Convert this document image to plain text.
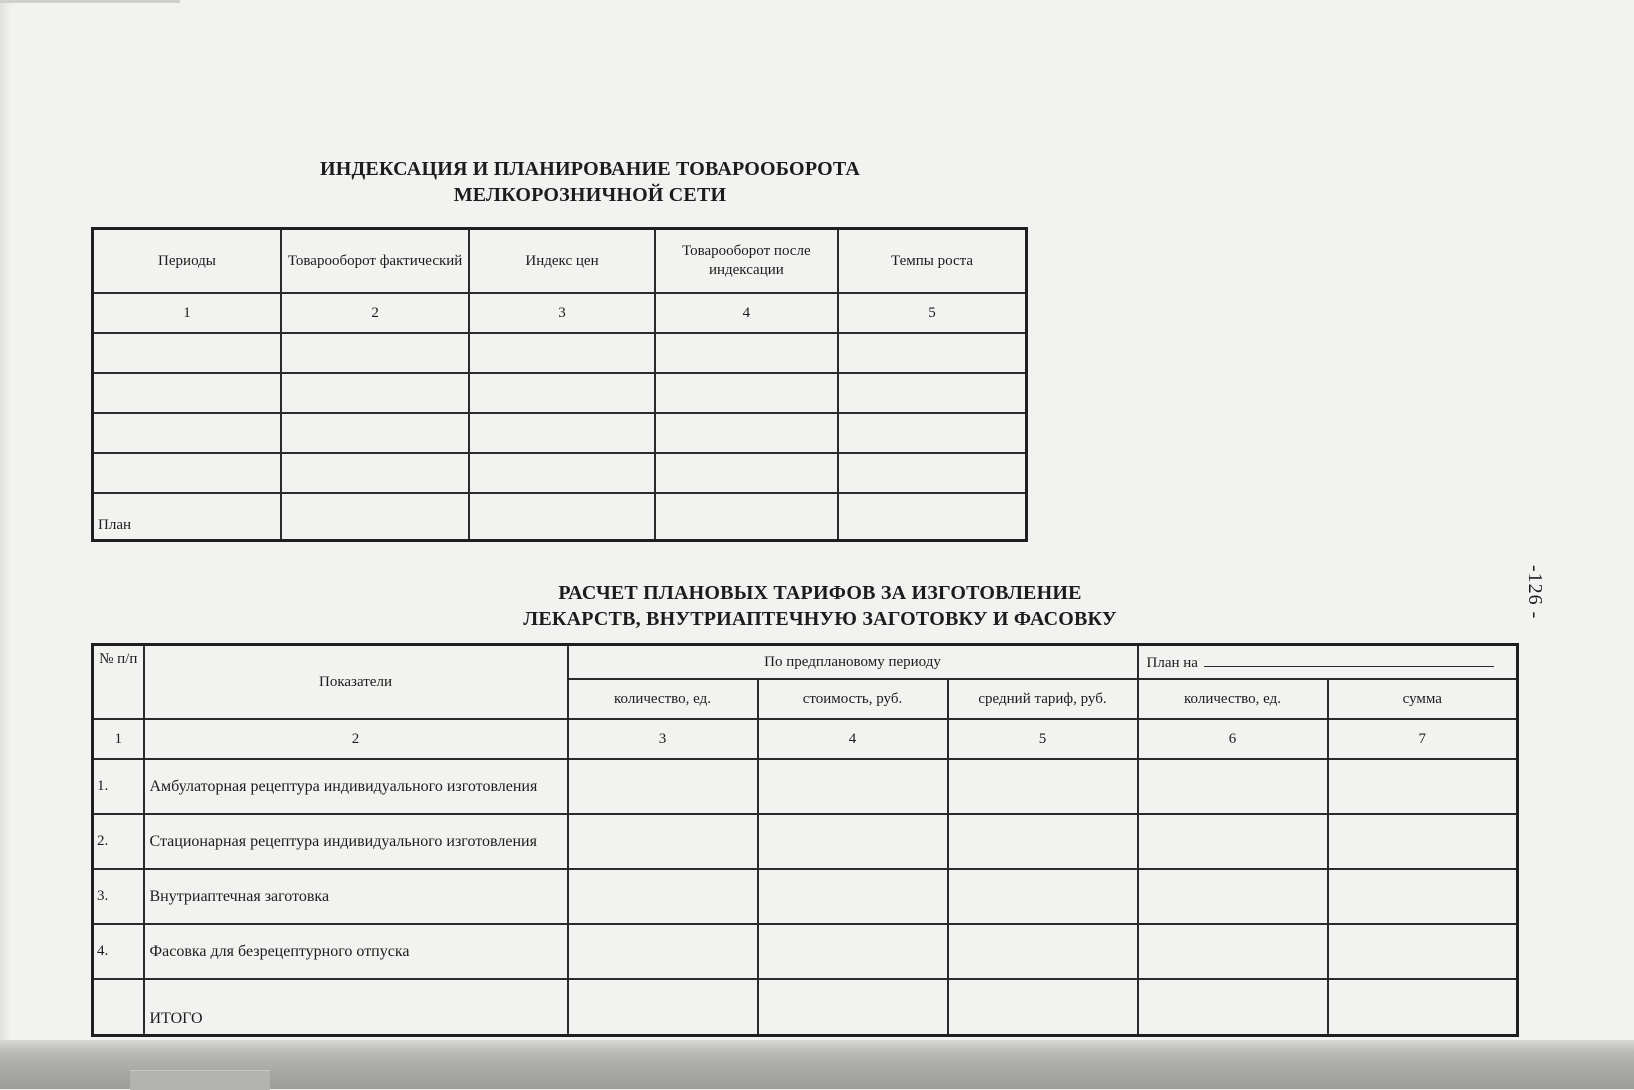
ИНДЕКСАЦИЯ И ПЛАНИРОВАНИЕ ТОВАРООБОРОТА
МЕЛКОРОЗНИЧНОЙ СЕТИ
Периоды	Товарооборот фактический	Индекс цен	Товарооборот после индексации	Темпы роста
1	2	3	4	5

План				
РАСЧЕТ ПЛАНОВЫХ ТАРИФОВ ЗА ИЗГОТОВЛЕНИЕ
ЛЕКАРСТВ, ВНУТРИАПТЕЧНУЮ ЗАГОТОВКУ И ФАСОВКУ
№ п/п	Показатели	По предплановому периоду			План на	
		количество, ед.	стоимость, руб.	средний тариф, руб.	количество, ед.	сумма
1	2	3	4	5	6	7
1.	Амбулаторная рецептура индивидуального изготовления					
2.	Стационарная рецептура индивидуального изготовления					
3.	Внутриаптечная заготовка					
4.	Фасовка для безрецептурного отпуска					
	ИТОГО					
-126 -
